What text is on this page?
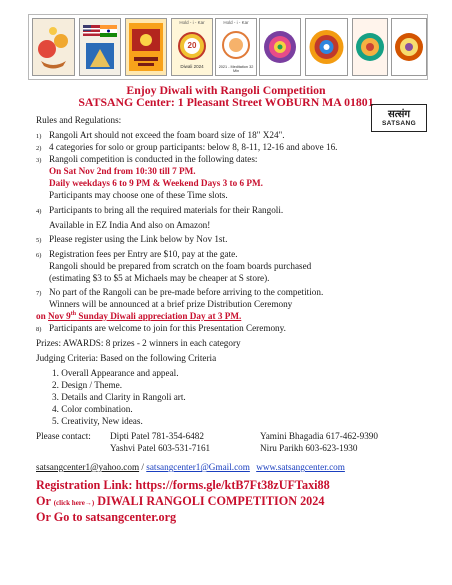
Hold - i - Kar
20
Diwali 2024
Hold - i - Kar
2021 - Meditation 32 Min
Enjoy Diwali with Rangoli Competition
SATSANG Center: 1 Pleasant Street WOBURN MA 01801
सत्संग
SATSANG
Rules and Regulations:
1) Rangoli Art should not exceed the foam board size of 18" X24".
2) 4 categories for solo or group participants: below 8, 8-11, 12-16 and above 16.
3) Rangoli competition is conducted in the following dates:
On Sat Nov 2nd from 10:30 till 7 PM.
Daily weekdays 6 to 9 PM & Weekend Days 3 to 6 PM.
Participants may choose one of these Time slots.
4) Participants to bring all the required materials for their Rangoli.
Available in EZ India And also on Amazon!
5) Please register using the Link below by Nov 1st.
6) Registration fees per Entry are $10, pay at the gate.
Rangoli should be prepared from scratch on the foam boards purchased
(estimating $3 to $5 at Michaels may be cheaper at S store).
7) No part of the Rangoli can be pre-made before arriving to the competition.
Winners will be announced at a brief prize Distribution Ceremony
on Nov 9th Sunday Diwali appreciation Day at 3 PM.
8) Participants are welcome to join for this Presentation Ceremony.
Prizes: AWARDS: 8 prizes - 2 winners in each category
Judging Criteria: Based on the following Criteria
1. Overall Appearance and appeal.
2. Design / Theme.
3. Details and Clarity in Rangoli art.
4. Color combination.
5. Creativity, New ideas.
Please contact: Dipti Patel 781-354-6482	Yamini Bhagadia 617-462-9390
Yashvi Patel 603-531-7161	Niru Parikh 603-623-1930
satsangcenter1@yahoo.com / satsangcenter1@Gmail.com www.satsangcenter.com
Registration Link: https://forms.gle/ktB7Ft38zUFTaxi88
Or (click here→) DIWALI RANGOLI COMPETITION 2024
Or Go to satsangcenter.org
